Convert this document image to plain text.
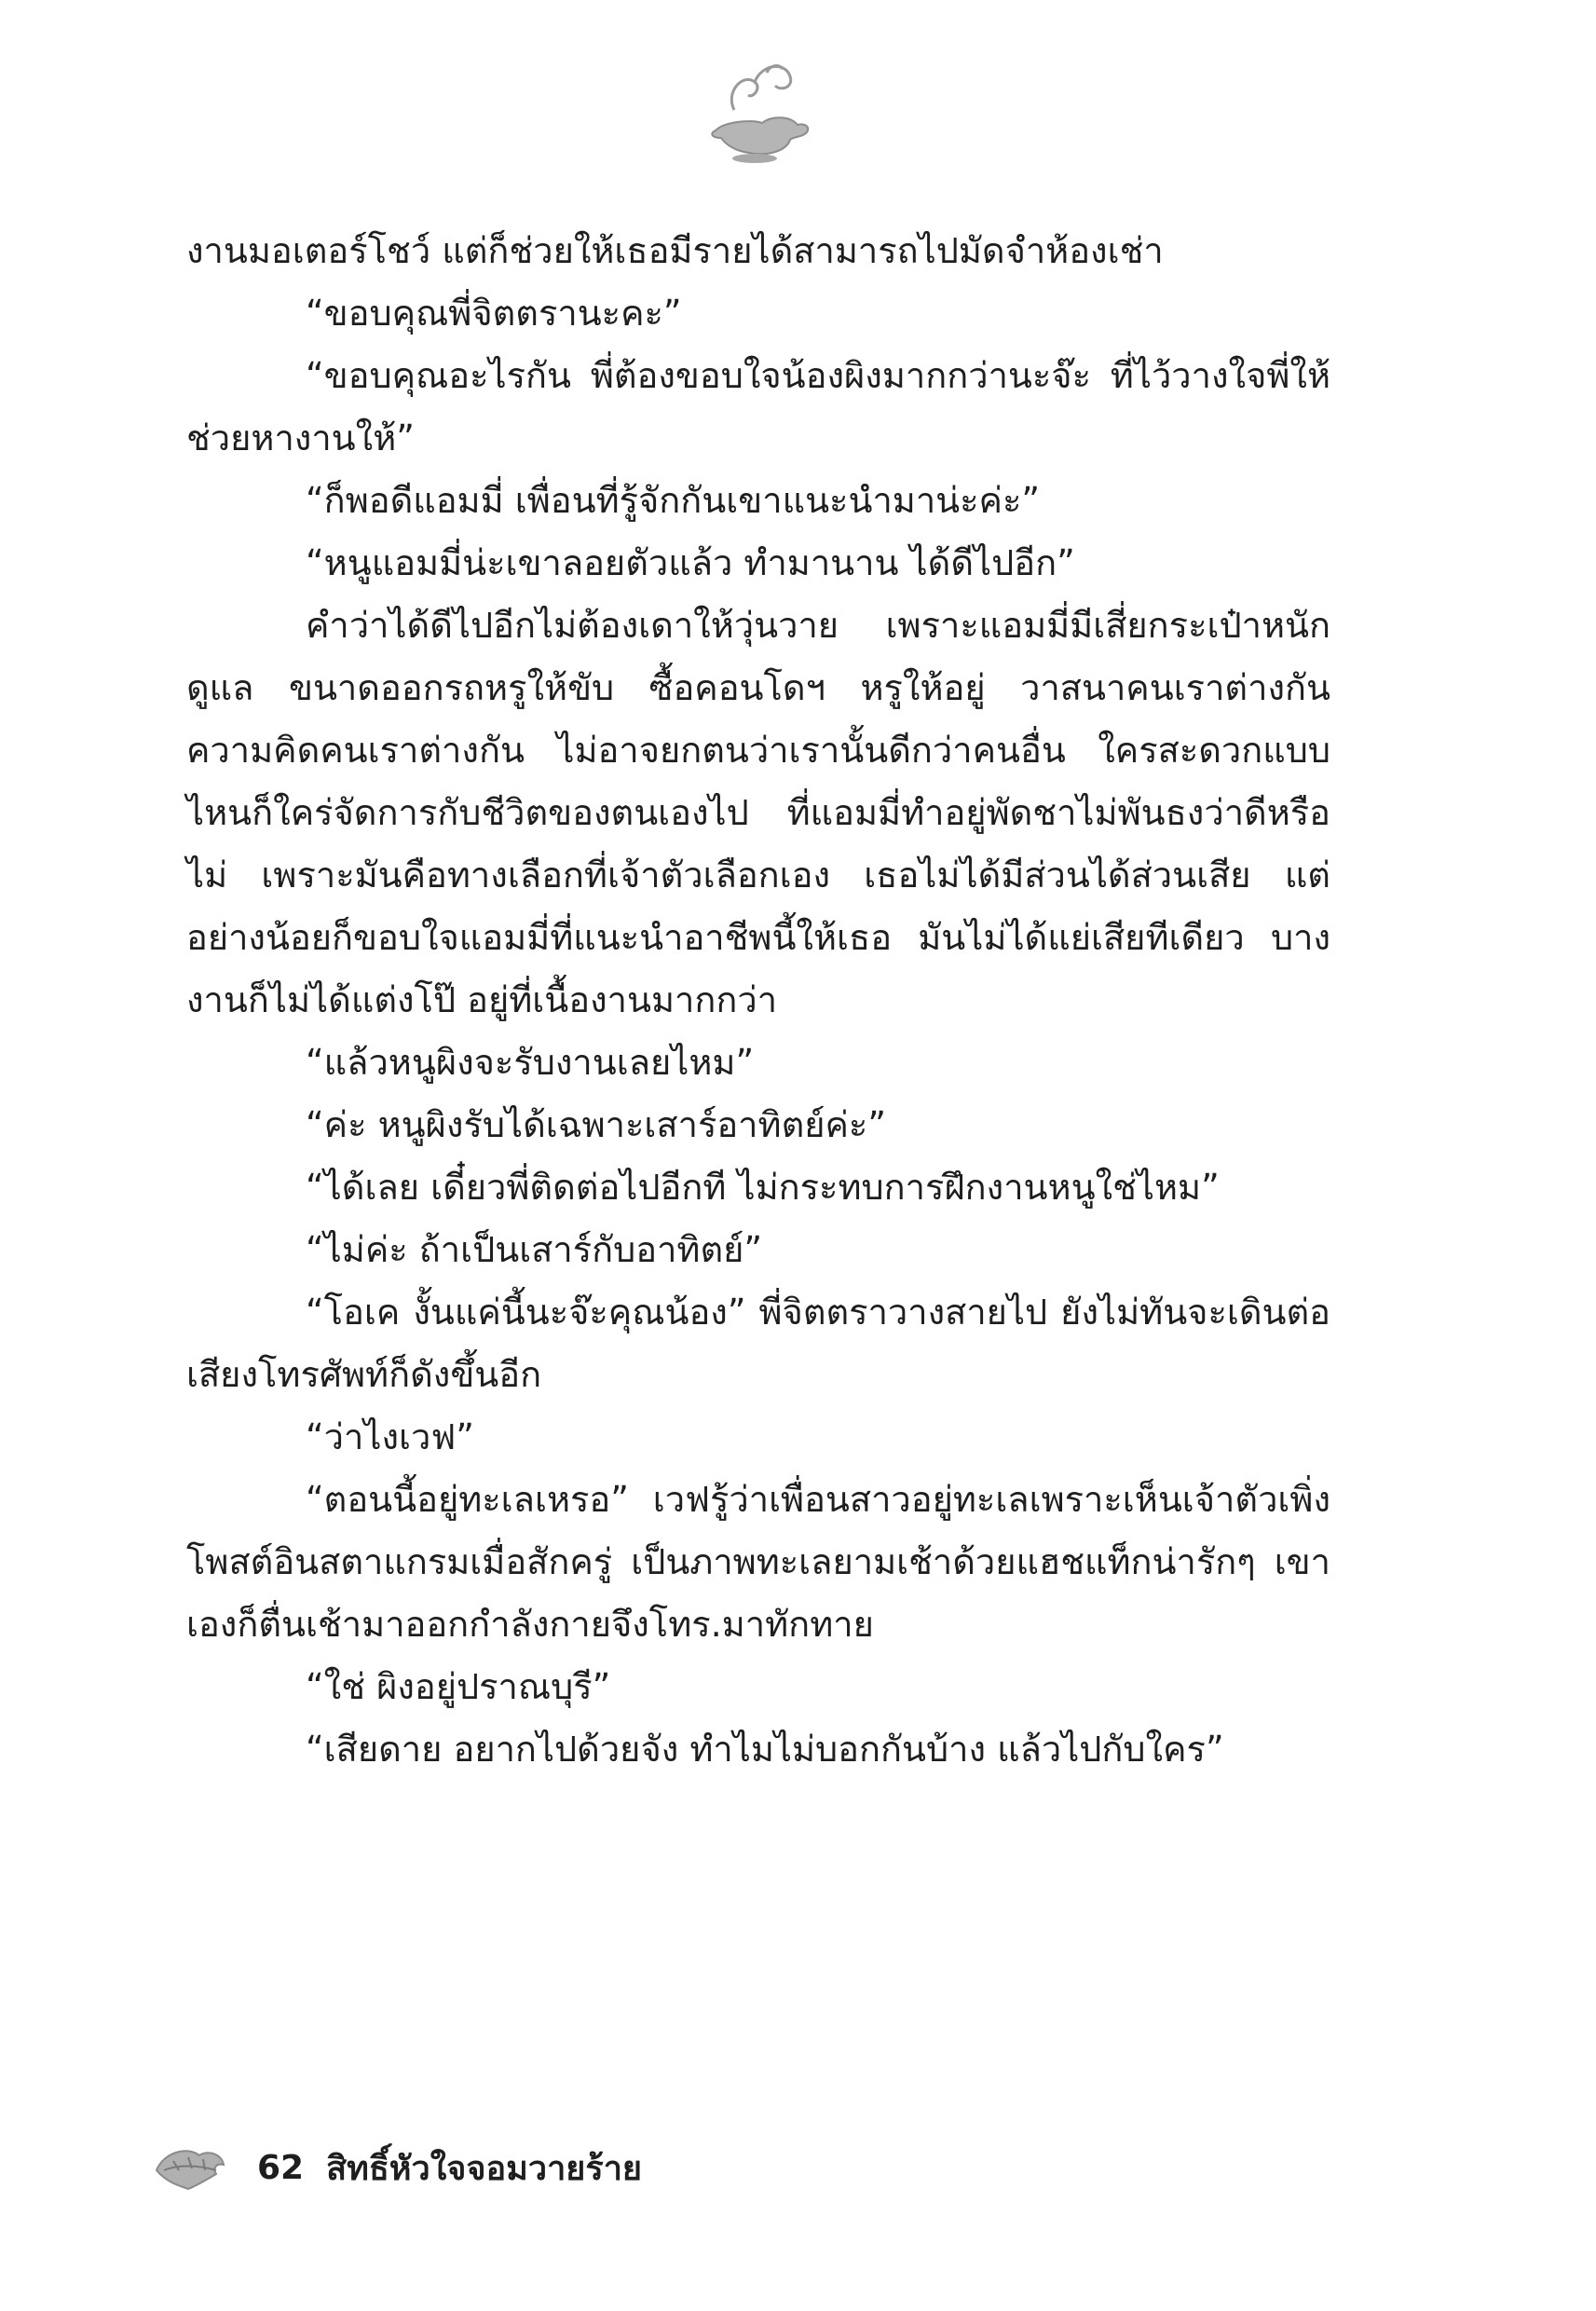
งานมอเตอร์โชว์ แต่ก็ช่วยให้เธอมีรายได้สามารถไปมัดจำห้องเช่า

“ขอบคุณพี่จิตตรานะคะ”

“ขอบคุณอะไรกัน พี่ต้องขอบใจน้องผิงมากกว่านะจ๊ะ ที่ไว้วางใจพี่ให้ช่วยหางานให้”

“ก็พอดีแอมมี่ เพื่อนที่รู้จักกันเขาแนะนำมาน่ะค่ะ”

“หนูแอมมี่น่ะเขาลอยตัวแล้ว ทำมานาน ได้ดีไปอีก”

คำว่าได้ดีไปอีกไม่ต้องเดาให้วุ่นวาย เพราะแอมมี่มีเสี่ยกระเป๋าหนักดูแล ขนาดออกรถหรูให้ขับ ซื้อคอนโดฯ หรูให้อยู่ วาสนาคนเราต่างกัน ความคิดคนเราต่างกัน ไม่อาจยกตนว่าเรานั้นดีกว่าคนอื่น ใครสะดวกแบบไหนก็ใคร่จัดการกับชีวิตของตนเองไป ที่แอมมี่ทำอยู่พัดชาไม่พันธงว่าดีหรือไม่ เพราะมันคือทางเลือกที่เจ้าตัวเลือกเอง เธอไม่ได้มีส่วนได้ส่วนเสีย แต่อย่างน้อยก็ขอบใจแอมมี่ที่แนะนำอาชีพนี้ให้เธอ มันไม่ได้แย่เสียทีเดียว บางงานก็ไม่ได้แต่งโป๊ อยู่ที่เนื้องานมากกว่า

“แล้วหนูผิงจะรับงานเลยไหม”

“ค่ะ หนูผิงรับได้เฉพาะเสาร์อาทิตย์ค่ะ”

“ได้เลย เดี๋ยวพี่ติดต่อไปอีกที ไม่กระทบการฝึกงานหนูใช่ไหม”

“ไม่ค่ะ ถ้าเป็นเสาร์กับอาทิตย์”

“โอเค งั้นแค่นี้นะจ๊ะคุณน้อง” พี่จิตตราวางสายไป ยังไม่ทันจะเดินต่อ เสียงโทรศัพท์ก็ดังขึ้นอีก

“ว่าไงเวฟ”

“ตอนนี้อยู่ทะเลเหรอ” เวฟรู้ว่าเพื่อนสาวอยู่ทะเลเพราะเห็นเจ้าตัวเพิ่งโพสต์อินสตาแกรมเมื่อสักครู่ เป็นภาพทะเลยามเช้าด้วยแฮชแท็กน่ารักๆ เขาเองก็ตื่นเช้ามาออกกำลังกายจึงโทร.มาทักทาย

“ใช่ ผิงอยู่ปราณบุรี”

“เสียดาย อยากไปด้วยจัง ทำไมไม่บอกกันบ้าง แล้วไปกับใคร”

62 สิทธิ์หัวใจจอมวายร้าย
